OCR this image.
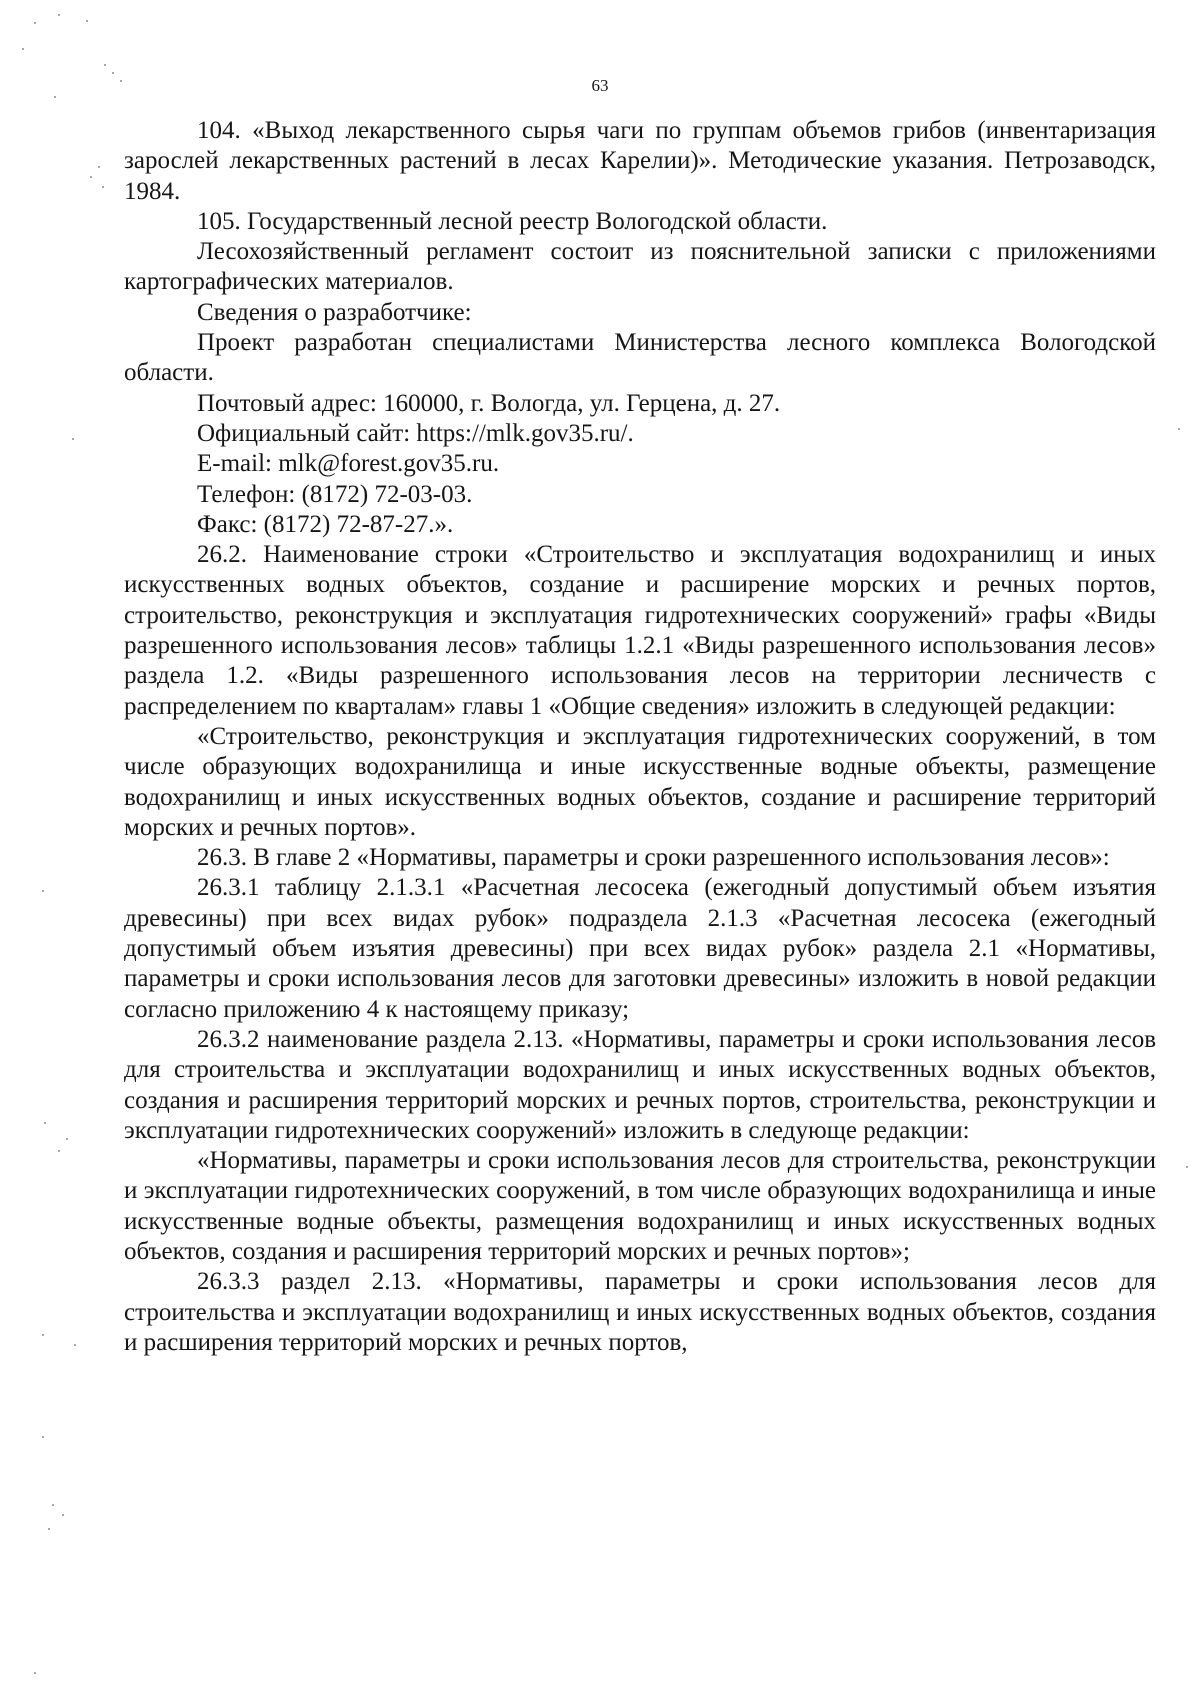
63

104. «Выход лекарственного сырья чаги по группам объемов грибов (инвентаризация зарослей лекарственных растений в лесах Карелии)». Методические указания. Петрозаводск, 1984.

105. Государственный лесной реестр Вологодской области.

Лесохозяйственный регламент состоит из пояснительной записки с приложениями картографических материалов.

Сведения о разработчике:

Проект разработан специалистами Министерства лесного комплекса Вологодской области.

Почтовый адрес: 160000, г. Вологда, ул. Герцена, д. 27.

Официальный сайт: https://mlk.gov35.ru/.

E-mail: mlk@forest.gov35.ru.

Телефон: (8172) 72-03-03.

Факс: (8172) 72-87-27.».

26.2. Наименование строки «Строительство и эксплуатация водохранилищ и иных искусственных водных объектов, создание и расширение морских и речных портов, строительство, реконструкция и эксплуатация гидротехнических сооружений» графы «Виды разрешенного использования лесов» таблицы 1.2.1 «Виды разрешенного использования лесов» раздела 1.2. «Виды разрешенного использования лесов на территории лесничеств с распределением по кварталам» главы 1 «Общие сведения» изложить в следующей редакции:

«Строительство, реконструкция и эксплуатация гидротехнических сооружений, в том числе образующих водохранилища и иные искусственные водные объекты, размещение водохранилищ и иных искусственных водных объектов, создание и расширение территорий морских и речных портов».

26.3. В главе 2 «Нормативы, параметры и сроки разрешенного использования лесов»:

26.3.1 таблицу 2.1.3.1 «Расчетная лесосека (ежегодный допустимый объем изъятия древесины) при всех видах рубок» подраздела 2.1.3 «Расчетная лесосека (ежегодный допустимый объем изъятия древесины) при всех видах рубок» раздела 2.1 «Нормативы, параметры и сроки использования лесов для заготовки древесины» изложить в новой редакции согласно приложению 4 к настоящему приказу;

26.3.2 наименование раздела 2.13. «Нормативы, параметры и сроки использования лесов для строительства и эксплуатации водохранилищ и иных искусственных водных объектов, создания и расширения территорий морских и речных портов, строительства, реконструкции и эксплуатации гидротехнических сооружений» изложить в следующе редакции:

«Нормативы, параметры и сроки использования лесов для строительства, реконструкции и эксплуатации гидротехнических сооружений, в том числе образующих водохранилища и иные искусственные водные объекты, размещения водохранилищ и иных искусственных водных объектов, создания и расширения территорий морских и речных портов»;

26.3.3 раздел 2.13. «Нормативы, параметры и сроки использования лесов для строительства и эксплуатации водохранилищ и иных искусственных водных объектов, создания и расширения территорий морских и речных портов,
